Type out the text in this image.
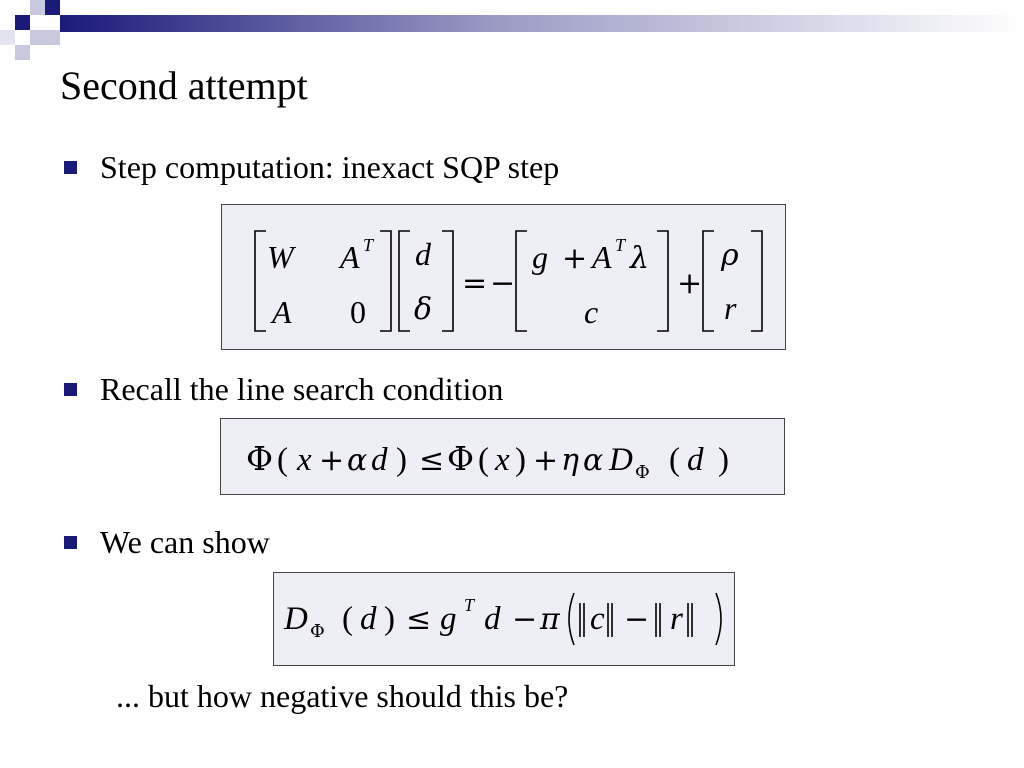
Second attempt
Step computation: inexact SQP step
W A T
A 0
d
δ
= −
g + A T λ
c
+
ρ
r
Recall the line search condition
Φ ( x + α d ) ≤ Φ ( x ) + η α D Φ ( d )
We can show
D Φ ( d ) ≤ g T d − π c − r
... but how negative should this be?
